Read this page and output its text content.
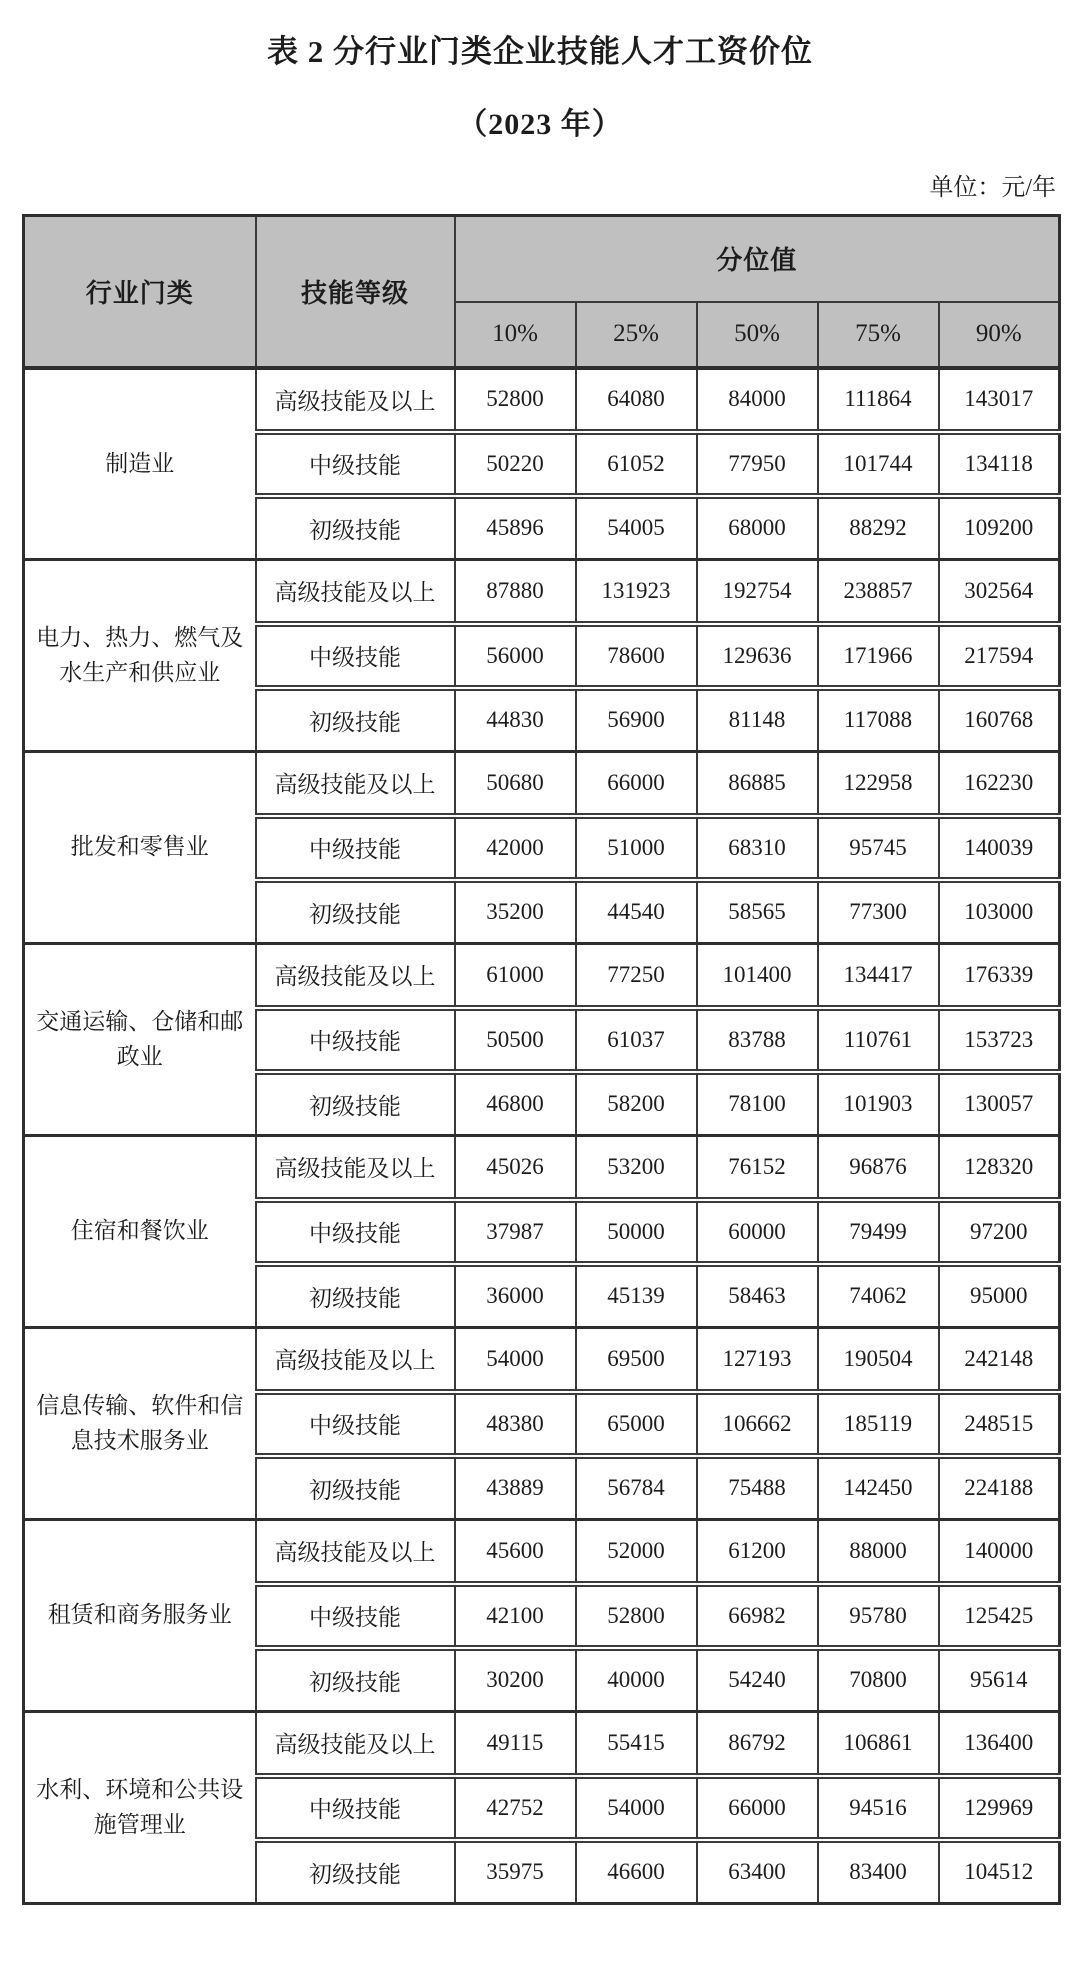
表 2 分行业门类企业技能人才工资价位
（2023 年）
单位：元/年
行业门类	技能等级	分位值				
		10%	25%	50%	75%	90%
制造业	高级技能及以上	52800	64080	84000	111864	143017
	中级技能	50220	61052	77950	101744	134118
	初级技能	45896	54005	68000	88292	109200
电力、热力、燃气及水生产和供应业	高级技能及以上	87880	131923	192754	238857	302564
	中级技能	56000	78600	129636	171966	217594
	初级技能	44830	56900	81148	117088	160768
批发和零售业	高级技能及以上	50680	66000	86885	122958	162230
	中级技能	42000	51000	68310	95745	140039
	初级技能	35200	44540	58565	77300	103000
交通运输、仓储和邮政业	高级技能及以上	61000	77250	101400	134417	176339
	中级技能	50500	61037	83788	110761	153723
	初级技能	46800	58200	78100	101903	130057
住宿和餐饮业	高级技能及以上	45026	53200	76152	96876	128320
	中级技能	37987	50000	60000	79499	97200
	初级技能	36000	45139	58463	74062	95000
信息传输、软件和信息技术服务业	高级技能及以上	54000	69500	127193	190504	242148
	中级技能	48380	65000	106662	185119	248515
	初级技能	43889	56784	75488	142450	224188
租赁和商务服务业	高级技能及以上	45600	52000	61200	88000	140000
	中级技能	42100	52800	66982	95780	125425
	初级技能	30200	40000	54240	70800	95614
水利、环境和公共设施管理业	高级技能及以上	49115	55415	86792	106861	136400
	中级技能	42752	54000	66000	94516	129969
	初级技能	35975	46600	63400	83400	104512
